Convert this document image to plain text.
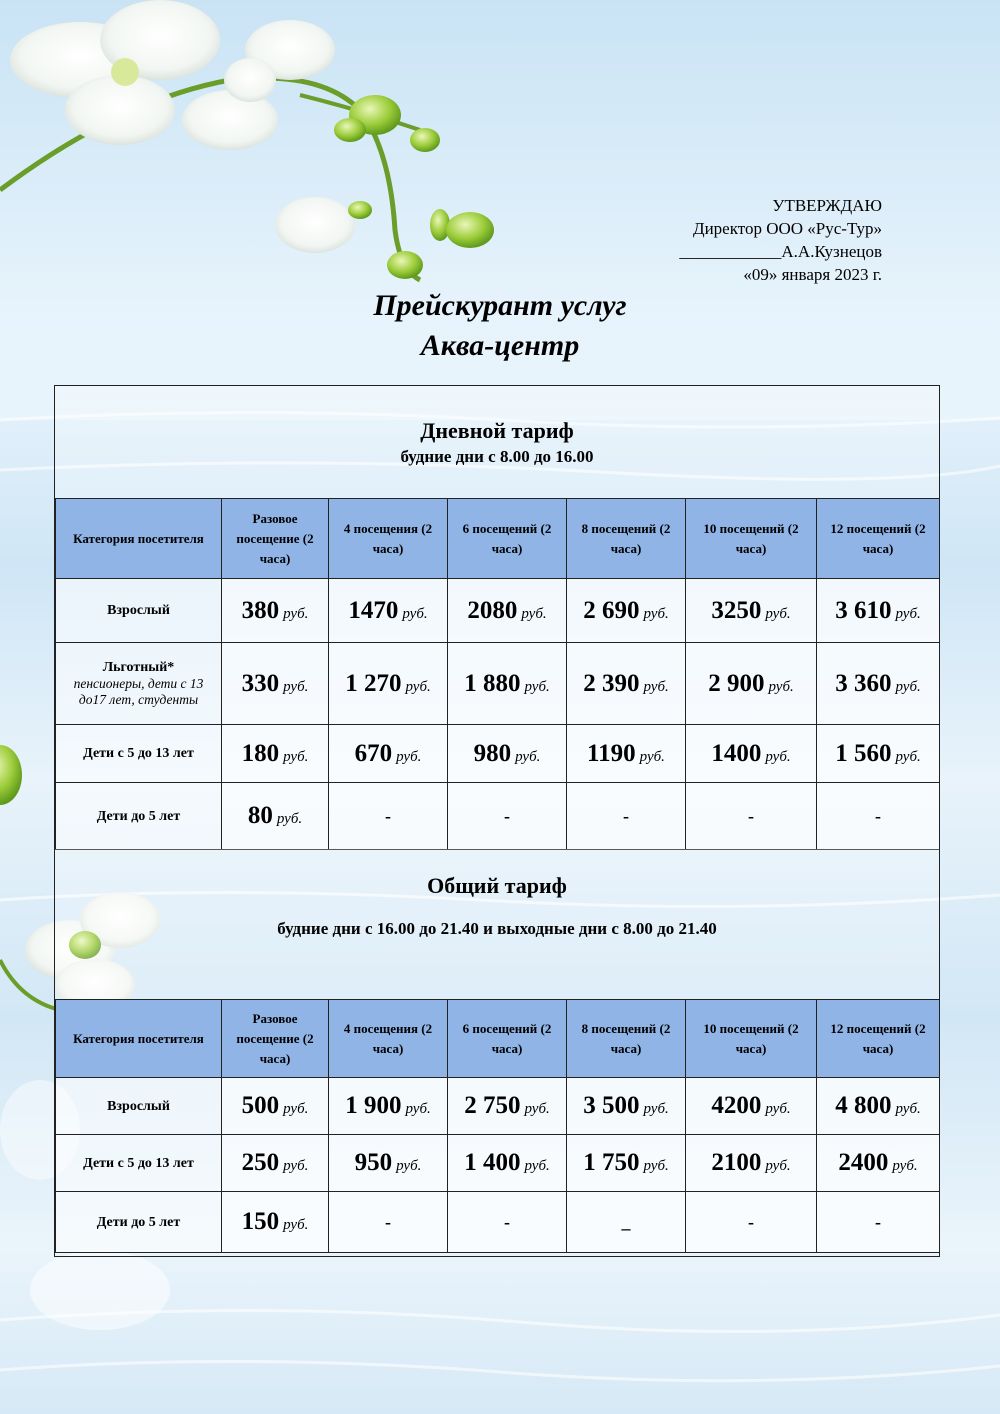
УТВЕРЖДАЮ
Директор ООО «Рус-Тур»
____________А.А.Кузнецов
«09» января 2023 г.
Прейскурант услуг
Аква-центр
Дневной тариф
будние дни с 8.00 до 16.00
Категория посетителя	Разовое посещение (2 часа)	4 посещения (2 часа)	6 посещений (2 часа)	8 посещений (2 часа)	10 посещений (2 часа)	12 посещений (2 часа)
Взрослый	380 руб.	1470 руб.	2080 руб.	2 690 руб.	3250 руб.	3 610 руб.
Льготный*
пенсионеры, дети с 13 до17 лет, студенты	330 руб.	1 270 руб.	1 880 руб.	2 390 руб.	2 900 руб.	3 360 руб.
Дети с 5 до 13 лет	180 руб.	670 руб.	980 руб.	1190 руб.	1400 руб.	1 560 руб.
Дети до 5 лет	80 руб.	-	-	-	-	-
Общий тариф
будние дни с 16.00 до 21.40 и выходные дни с 8.00 до 21.40
Категория посетителя	Разовое посещение (2 часа)	4 посещения (2 часа)	6 посещений (2 часа)	8 посещений (2 часа)	10 посещений (2 часа)	12 посещений (2 часа)
Взрослый	500 руб.	1 900 руб.	2 750 руб.	3 500 руб.	4200 руб.	4 800 руб.
Дети с 5 до 13 лет	250 руб.	950 руб.	1 400 руб.	1 750 руб.	2100 руб.	2400 руб.
Дети до 5 лет	150 руб.	-	-	_	-	-
